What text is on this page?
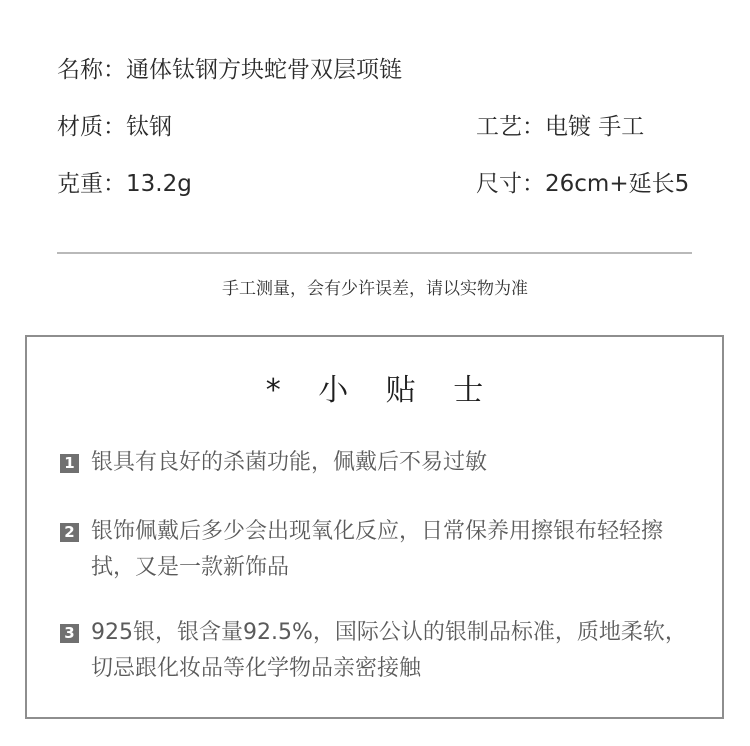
名称：通体钛钢方块蛇骨双层项链
材质：钛钢	工艺：电镀 手工
克重：13.2g	尺寸：26cm+延长5
手工测量，会有少许误差，请以实物为准
* 小 贴 士
1 银具有良好的杀菌功能，佩戴后不易过敏
2 银饰佩戴后多少会出现氧化反应，日常保养用擦银布轻轻擦拭，又是一款新饰品
3 925银，银含量92.5%，国际公认的银制品标准，质地柔软，切忌跟化妆品等化学物品亲密接触
